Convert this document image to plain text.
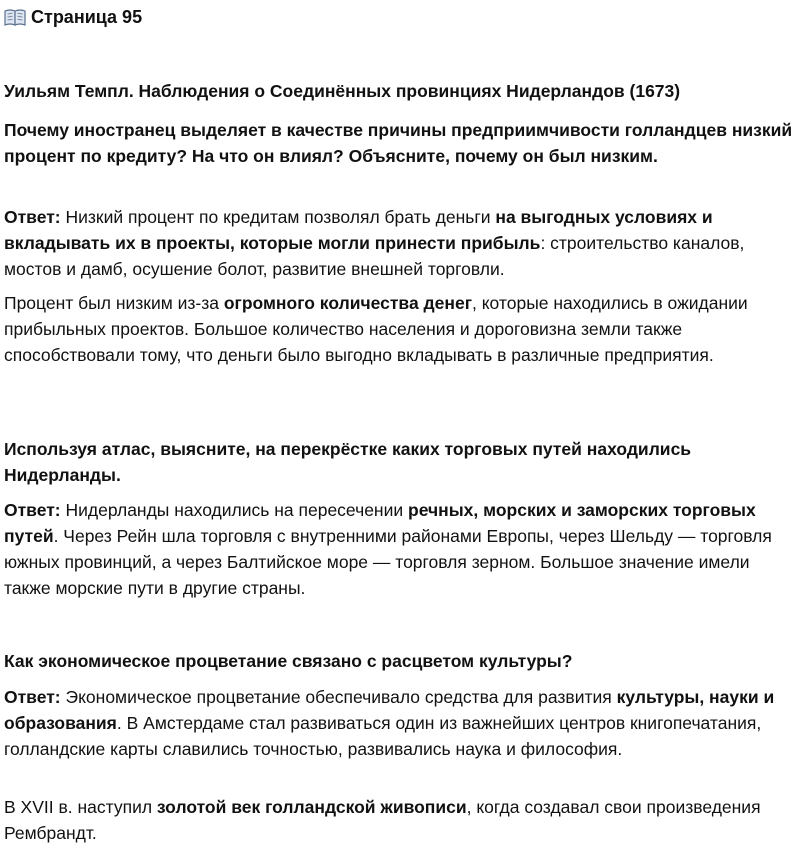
Страница 95

Уильям Темпл. Наблюдения о Соединённых провинциях Нидерландов (1673)

Почему иностранец выделяет в качестве причины предприимчивости голландцев низкий процент по кредиту? На что он влиял? Объясните, почему он был низким.

Ответ: Низкий процент по кредитам позволял брать деньги на выгодных условиях и вкладывать их в проекты, которые могли принести прибыль: строительство каналов, мостов и дамб, осушение болот, развитие внешней торговли.

Процент был низким из-за огромного количества денег, которые находились в ожидании прибыльных проектов. Большое количество населения и дороговизна земли также способствовали тому, что деньги было выгодно вкладывать в различные предприятия.

Используя атлас, выясните, на перекрёстке каких торговых путей находились Нидерланды.

Ответ: Нидерланды находились на пересечении речных, морских и заморских торговых путей. Через Рейн шла торговля с внутренними районами Европы, через Шельду — торговля южных провинций, а через Балтийское море — торговля зерном. Большое значение имели также морские пути в другие страны.

Как экономическое процветание связано с расцветом культуры?

Ответ: Экономическое процветание обеспечивало средства для развития культуры, науки и образования. В Амстердаме стал развиваться один из важнейших центров книгопечатания, голландские карты славились точностью, развивались наука и философия.

В XVII в. наступил золотой век голландской живописи, когда создавал свои произведения Рембрандт.
